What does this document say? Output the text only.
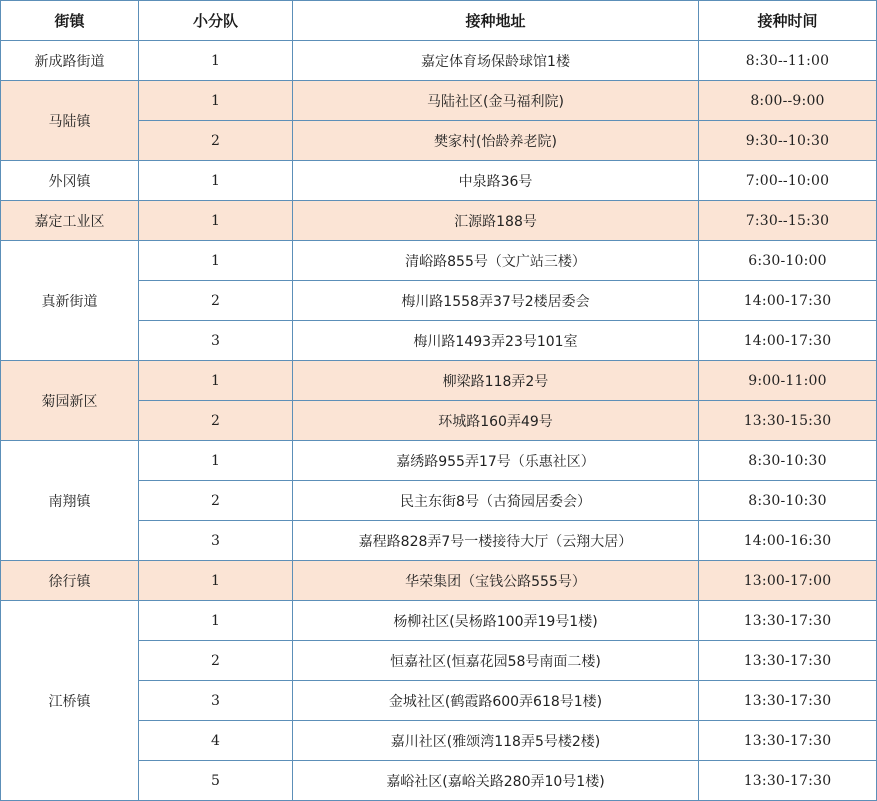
街镇	小分队	接种地址	接种时间
新成路街道	1	嘉定体育场保龄球馆1楼	8:30--11:00
马陆镇	1	马陆社区(金马福利院)	8:00--9:00
	2	樊家村(怡龄养老院)	9:30--10:30
外冈镇	1	中泉路36号	7:00--10:00
嘉定工业区	1	汇源路188号	7:30--15:30
真新街道	1	清峪路855号（文广站三楼）	6:30-10:00
	2	梅川路1558弄37号2楼居委会	14:00-17:30
	3	梅川路1493弄23号101室	14:00-17:30
菊园新区	1	柳梁路118弄2号	9:00-11:00
	2	环城路160弄49号	13:30-15:30
南翔镇	1	嘉绣路955弄17号（乐惠社区）	8:30-10:30
	2	民主东街8号（古猗园居委会）	8:30-10:30
	3	嘉程路828弄7号一楼接待大厅（云翔大居）	14:00-16:30
徐行镇	1	华荣集团（宝钱公路555号）	13:00-17:00
江桥镇	1	杨柳社区(吴杨路100弄19号1楼)	13:30-17:30
	2	恒嘉社区(恒嘉花园58号南面二楼)	13:30-17:30
	3	金城社区(鹤霞路600弄618号1楼)	13:30-17:30
	4	嘉川社区(雅颂湾118弄5号楼2楼)	13:30-17:30
	5	嘉峪社区(嘉峪关路280弄10号1楼)	13:30-17:30
